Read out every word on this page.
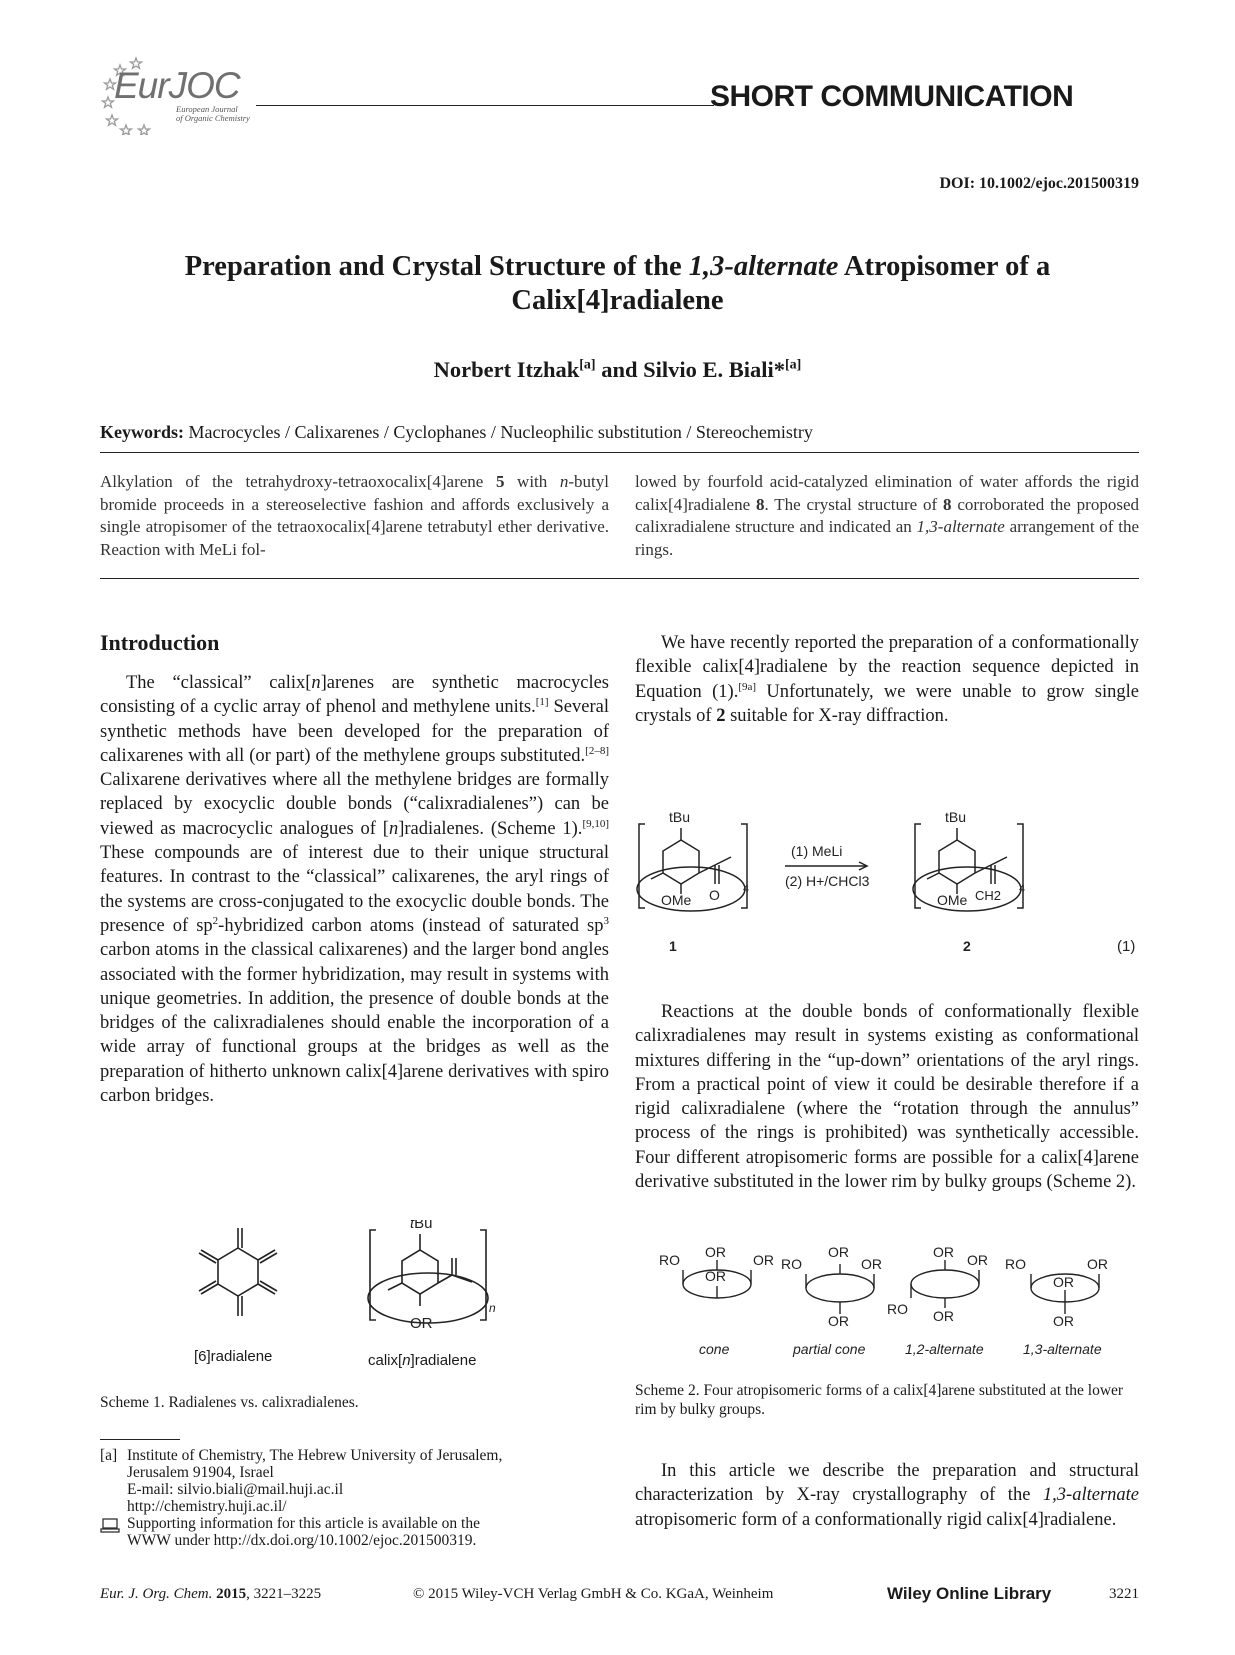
EurJOC
European Journal
of Organic Chemistry
SHORT COMMUNICATION
DOI: 10.1002/ejoc.201500319
Preparation and Crystal Structure of the 1,3-alternate Atropisomer of a
Calix[4]radialene
Norbert Itzhak[a] and Silvio E. Biali*[a]
Keywords: Macrocycles / Calixarenes / Cyclophanes / Nucleophilic substitution / Stereochemistry
Alkylation of the tetrahydroxy-tetraoxocalix[4]arene 5 with n-butyl bromide proceeds in a stereoselective fashion and affords exclusively a single atropisomer of the tetraoxocalix[4]arene tetrabutyl ether derivative. Reaction with MeLi fol-
lowed by fourfold acid-catalyzed elimination of water affords the rigid calix[4]radialene 8. The crystal structure of 8 corroborated the proposed calixradialene structure and indicated an 1,3-alternate arrangement of the rings.
Introduction

The “classical” calix[n]arenes are synthetic macrocycles consisting of a cyclic array of phenol and methylene units.[1] Several synthetic methods have been developed for the preparation of calixarenes with all (or part) of the methylene groups substituted.[2–8] Calixarene derivatives where all the methylene bridges are formally replaced by exocyclic double bonds (“calixradialenes”) can be viewed as macrocyclic analogues of [n]radialenes. (Scheme 1).[9,10] These compounds are of interest due to their unique structural features. In contrast to the “classical” calixarenes, the aryl rings of the systems are cross-conjugated to the exocyclic double bonds. The presence of $sp^2$-hybridized carbon atoms (instead of saturated $sp^3$ carbon atoms in the classical calixarenes) and the larger bond angles associated with the former hybridization, may result in systems with unique geometries. In addition, the presence of double bonds at the bridges of the calixradialenes should enable the incorporation of a wide array of functional groups at the bridges as well as the preparation of hitherto unknown calix[4]arene derivatives with spiro carbon bridges.

tBu
OR
n
[6]radialene	calix[n]radialene
Scheme 1. Radialenes vs. calixradialenes.
[a] Institute of Chemistry, The Hebrew University of Jerusalem,
Jerusalem 91904, Israel
E-mail: silvio.biali@mail.huji.ac.il
http://chemistry.huji.ac.il/
Supporting information for this article is available on the
WWW under http://dx.doi.org/10.1002/ejoc.201500319.

We have recently reported the preparation of a conformationally flexible calix[4]radialene by the reaction sequence depicted in Equation (1).[9a] Unfortunately, we were unable to grow single crystals of 2 suitable for X-ray diffraction.

tBu
OMe O 4
tBu
OMe CH2 4
(1) MeLi
(2) H+/CHCl3
1	2	(1)

Reactions at the double bonds of conformationally flexible calixradialenes may result in systems existing as conformational mixtures differing in the “up-down” orientations of the aryl rings. From a practical point of view it could be desirable therefore if a rigid calixradialene (where the “rotation through the annulus” process of the rings is prohibited) was synthetically accessible. Four different atropisomeric forms are possible for a calix[4]arene derivative substituted in the lower rim by bulky groups (Scheme 2).

RO OR OR
OR
RO
OR
OR
OR
RO
OR OR
OR
RO
OR
OR
OR
cone	partial cone	1,2-alternate	1,3-alternate
Scheme 2. Four atropisomeric forms of a calix[4]arene substituted at the lower rim by bulky groups.

In this article we describe the preparation and structural characterization by X-ray crystallography of the 1,3-alternate atropisomeric form of a conformationally rigid calix[4]radialene.

Eur. J. Org. Chem. 2015, 3221–3225	© 2015 Wiley-VCH Verlag GmbH & Co. KGaA, Weinheim	Wiley Online Library	3221
